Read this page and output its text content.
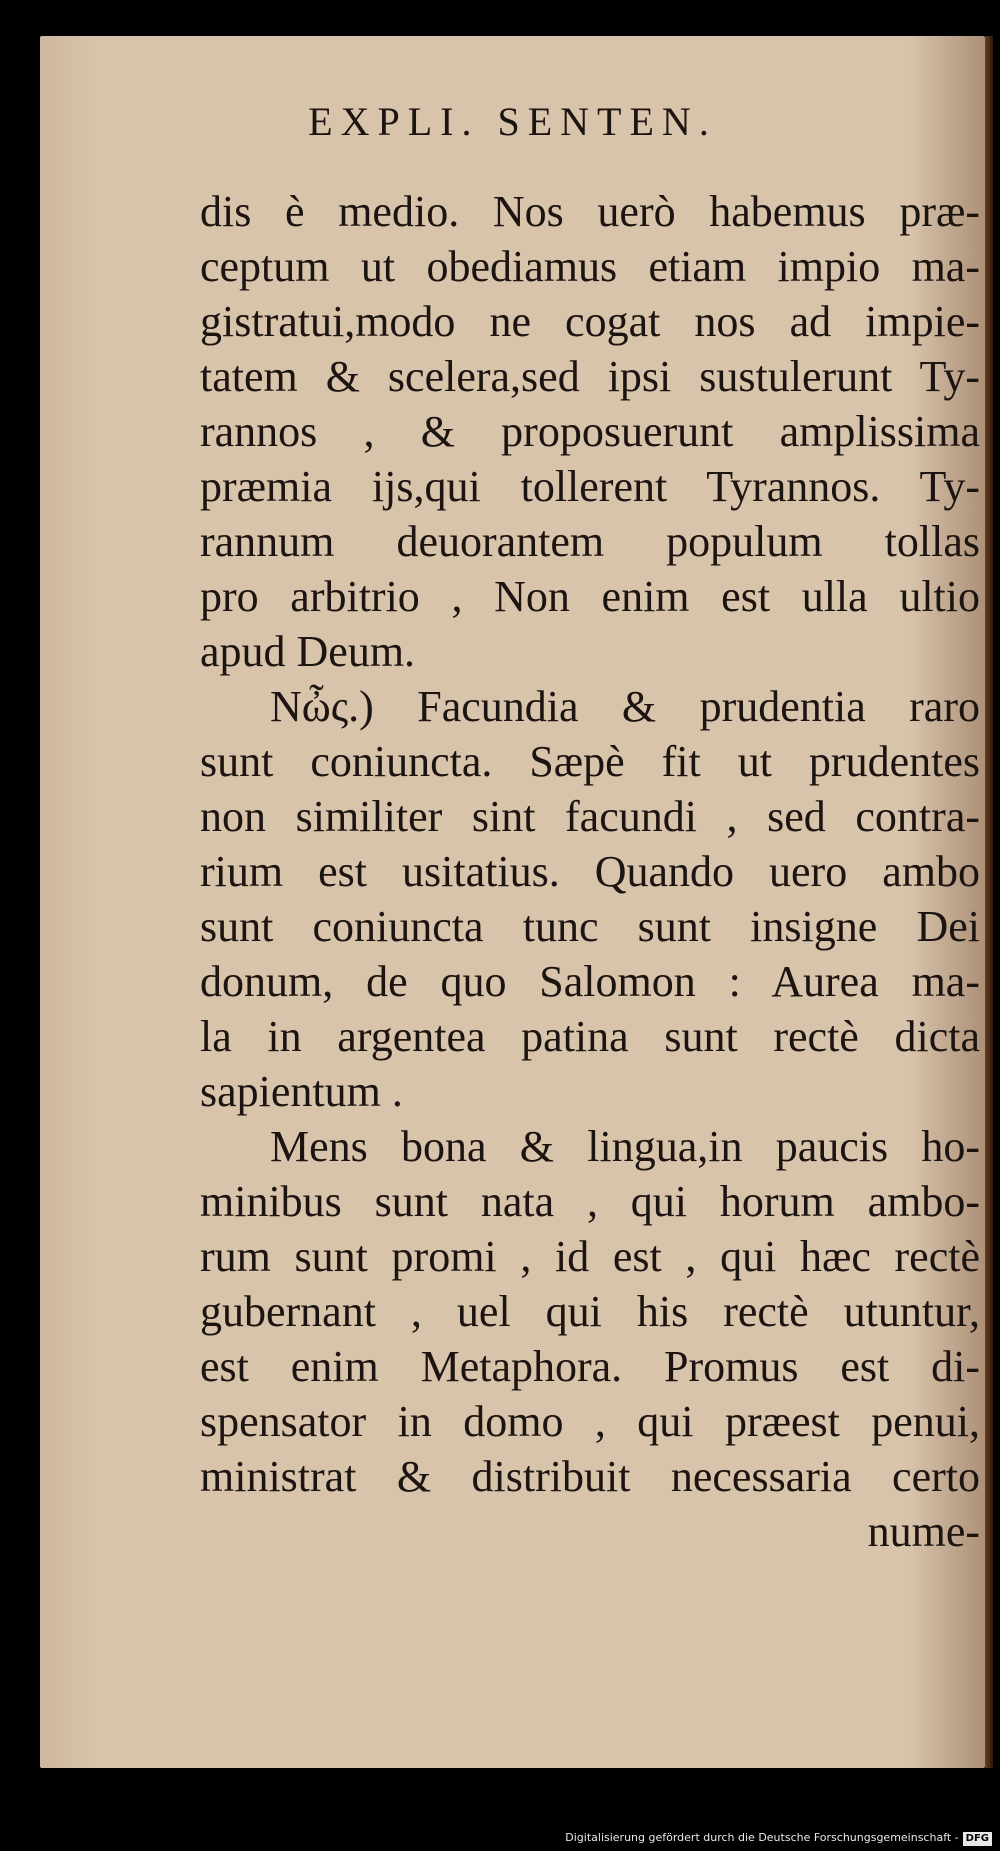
EXPLI. SENTEN.
dis è medio. Nos uerò habemus præ-
ceptum ut obediamus etiam impio ma-
gistratui,modo ne cogat nos ad impie-
tatem & scelera,sed ipsi sustulerunt Ty-
rannos , & proposuerunt amplissima
præmia ijs,qui tollerent Tyrannos. Ty-
rannum deuorantem populum tollas
pro arbitrio , Non enim est ulla ultio
apud Deum.
Νὦς.) Facundia & prudentia raro
sunt coniuncta. Sæpè fit ut prudentes
non similiter sint facundi , sed contra-
rium est usitatius. Quando uero ambo
sunt coniuncta tunc sunt insigne Dei
donum, de quo Salomon : Aurea ma-
la in argentea patina sunt rectè dicta
sapientum .
Mens bona & lingua,in paucis ho-
minibus sunt nata , qui horum ambo-
rum sunt promi , id est , qui hæc rectè
gubernant , uel qui his rectè utuntur,
est enim Metaphora. Promus est di-
spensator in domo , qui præest penui,
ministrat & distribuit necessaria certo
nume-
Digitalisierung gefördert durch die Deutsche Forschungsgemeinschaft - DFG
